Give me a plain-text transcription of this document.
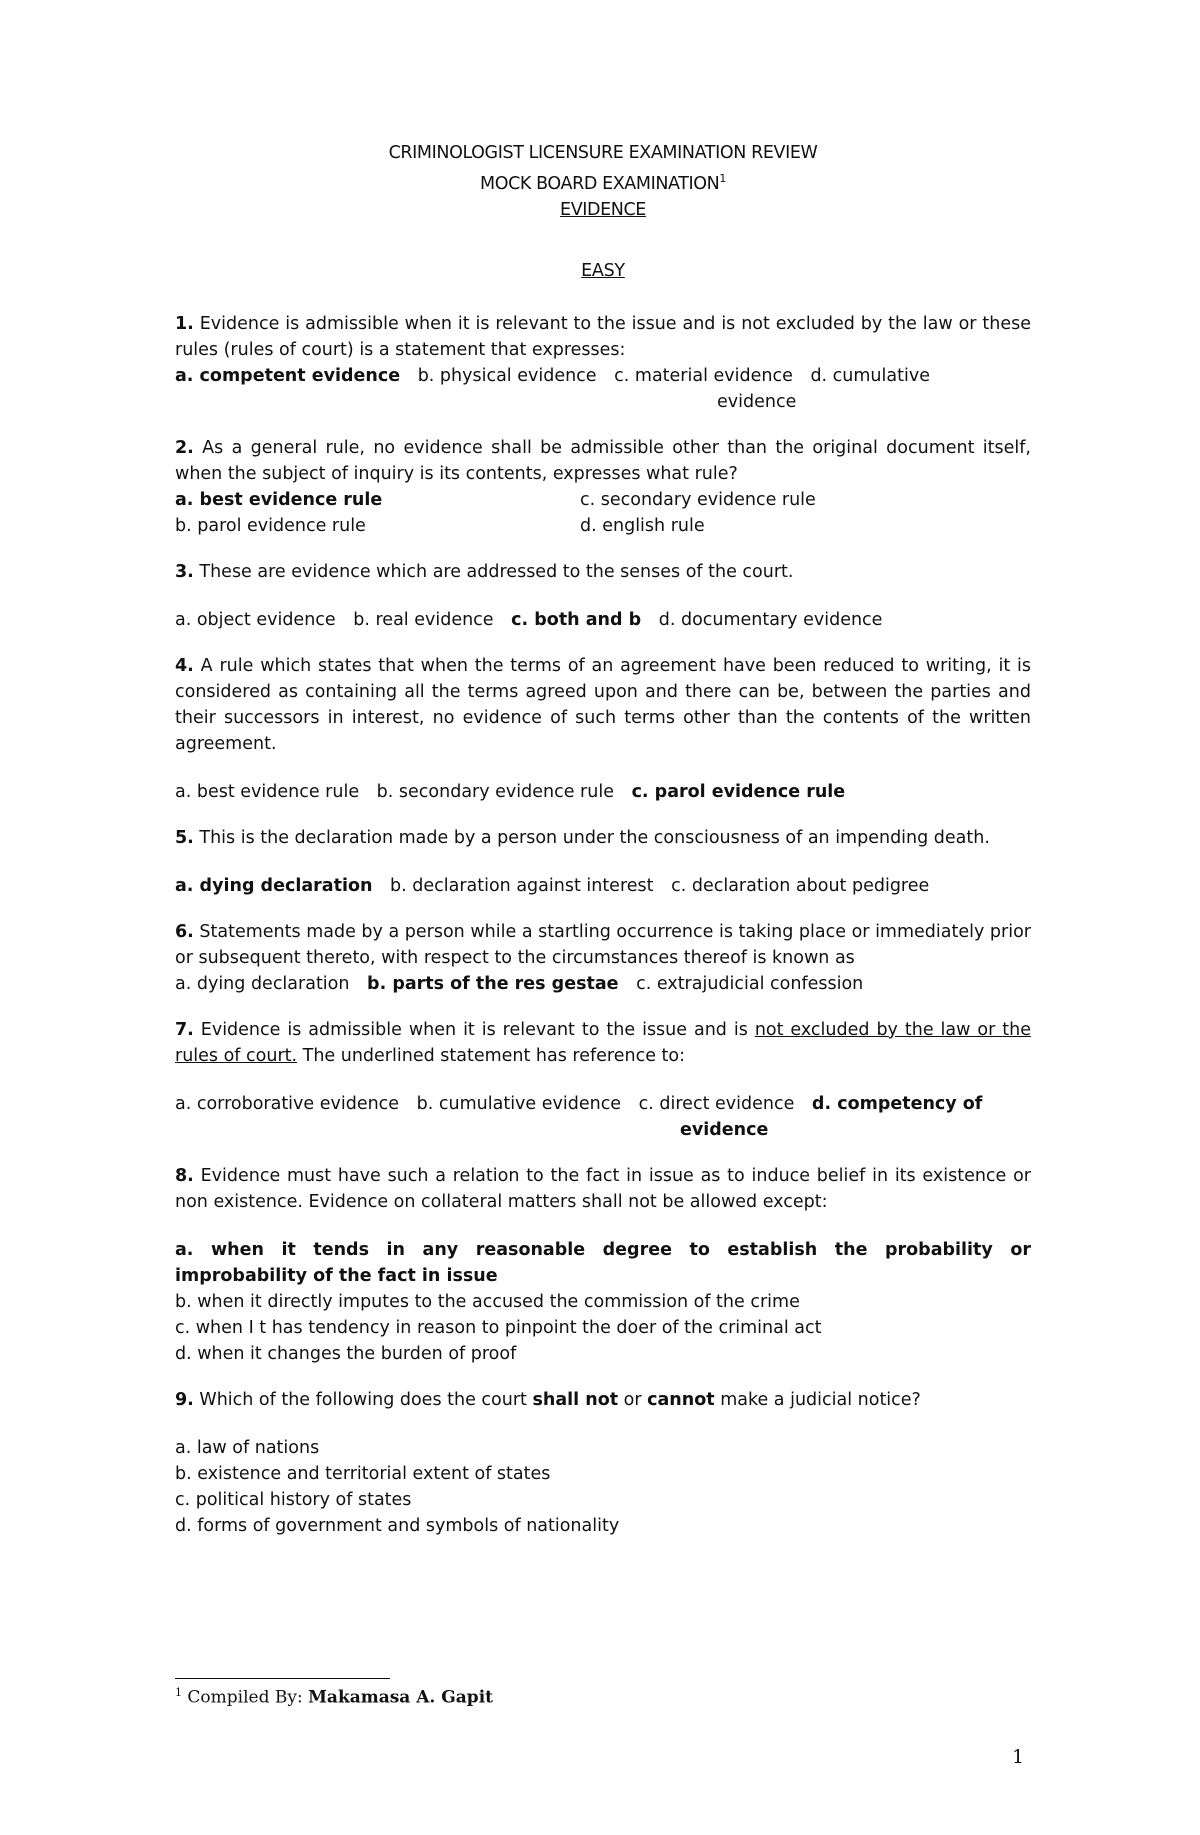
CRIMINOLOGIST LICENSURE EXAMINATION REVIEW
MOCK BOARD EXAMINATION$^1$
EVIDENCE
EASY
1. Evidence is admissible when it is relevant to the issue and is not excluded by the law or these rules (rules of court) is a statement that expresses:
a. competent evidence b. physical evidence c. material evidence d. cumulative
evidence
2. As a general rule, no evidence shall be admissible other than the original document itself, when the subject of inquiry is its contents, expresses what rule?
a. best evidence rule	c. secondary evidence rule
b. parol evidence rule	d. english rule
3. These are evidence which are addressed to the senses of the court.
a. object evidence b. real evidence c. both and b d. documentary evidence
4. A rule which states that when the terms of an agreement have been reduced to writing, it is considered as containing all the terms agreed upon and there can be, between the parties and their successors in interest, no evidence of such terms other than the contents of the written agreement.
a. best evidence rule b. secondary evidence rule c. parol evidence rule
5. This is the declaration made by a person under the consciousness of an impending death.
a. dying declaration b. declaration against interest c. declaration about pedigree
6. Statements made by a person while a startling occurrence is taking place or immediately prior or subsequent thereto, with respect to the circumstances thereof is known as
a. dying declaration b. parts of the res gestae c. extrajudicial confession
7. Evidence is admissible when it is relevant to the issue and is not excluded by the law or the rules of court. The underlined statement has reference to:
a. corroborative evidence b. cumulative evidence c. direct evidence d. competency of
evidence
8. Evidence must have such a relation to the fact in issue as to induce belief in its existence or non existence. Evidence on collateral matters shall not be allowed except:
a. when it tends in any reasonable degree to establish the probability or improbability of the fact in issue
b. when it directly imputes to the accused the commission of the crime
c. when I t has tendency in reason to pinpoint the doer of the criminal act
d. when it changes the burden of proof
9. Which of the following does the court shall not or cannot make a judicial notice?
a. law of nations
b. existence and territorial extent of states
c. political history of states
d. forms of government and symbols of nationality
$^1$ Compiled By: Makamasa A. Gapit
1
